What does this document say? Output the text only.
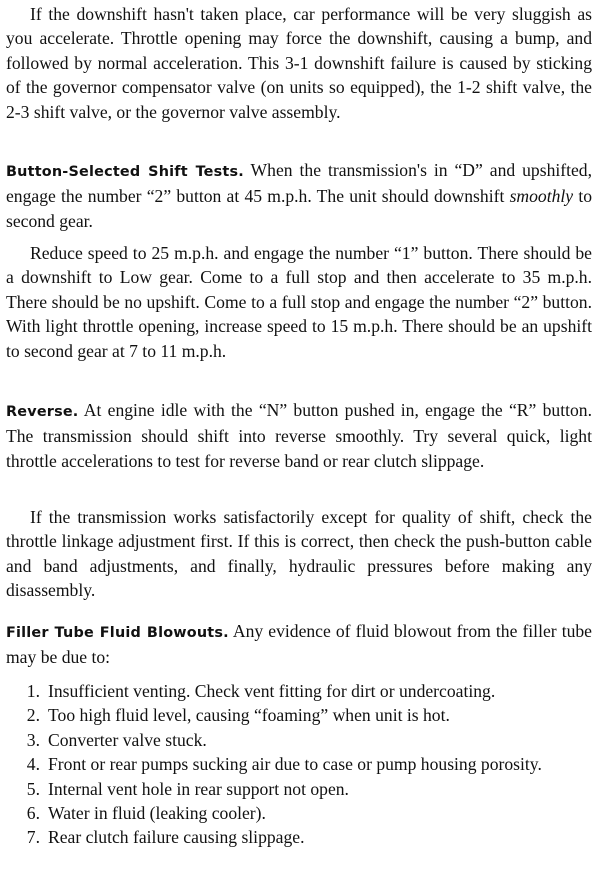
If the downshift hasn't taken place, car performance will be very sluggish as you accelerate. Throttle opening may force the downshift, causing a bump, and followed by normal acceleration. This 3-1 downshift failure is caused by sticking of the governor compensator valve (on units so equipped), the 1-2 shift valve, the 2-3 shift valve, or the governor valve assembly.

Button-Selected Shift Tests. When the transmission's in “D” and upshifted, engage the number “2” button at 45 m.p.h. The unit should downshift smoothly to second gear.

Reduce speed to 25 m.p.h. and engage the number “1” button. There should be a downshift to Low gear. Come to a full stop and then accelerate to 35 m.p.h. There should be no upshift. Come to a full stop and engage the number “2” button. With light throttle opening, increase speed to 15 m.p.h. There should be an upshift to second gear at 7 to 11 m.p.h.

Reverse. At engine idle with the “N” button pushed in, engage the “R” button. The transmission should shift into reverse smoothly. Try several quick, light throttle accelerations to test for reverse band or rear clutch slippage.

If the transmission works satisfactorily except for quality of shift, check the throttle linkage adjustment first. If this is correct, then check the push-button cable and band adjustments, and finally, hydraulic pressures before making any disassembly.

Filler Tube Fluid Blowouts. Any evidence of fluid blowout from the filler tube may be due to:

1. Insufficient venting. Check vent fitting for dirt or undercoating.
2. Too high fluid level, causing “foaming” when unit is hot.
3. Converter valve stuck.
4. Front or rear pumps sucking air due to case or pump housing porosity.
5. Internal vent hole in rear support not open.
6. Water in fluid (leaking cooler).
7. Rear clutch failure causing slippage.
